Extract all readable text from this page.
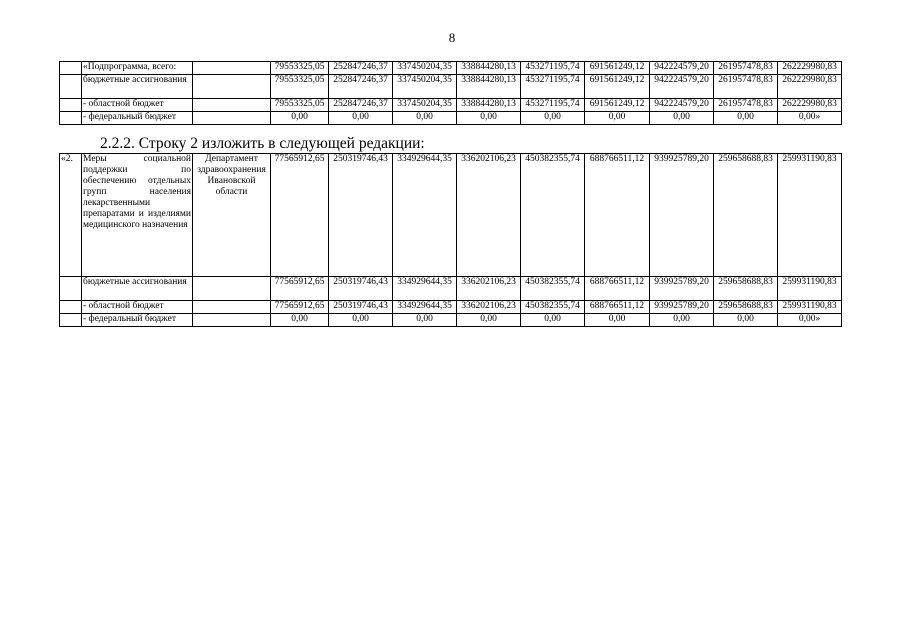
8
	«Подпрограмма, всего:		79553325,05	252847246,37	337450204,35	338844280,13	453271195,74	691561249,12	942224579,20	261957478,83	262229980,83
	бюджетные ассигнования		79553325,05	252847246,37	337450204,35	338844280,13	453271195,74	691561249,12	942224579,20	261957478,83	262229980,83
	- областной бюджет		79553325,05	252847246,37	337450204,35	338844280,13	453271195,74	691561249,12	942224579,20	261957478,83	262229980,83
	- федеральный бюджет		0,00	0,00	0,00	0,00	0,00	0,00	0,00	0,00	0,00»
2.2.2. Строку 2 изложить в следующей редакции:
«2.	Меры социальной поддержки по обеспечению отдельных групп населения лекарственными препаратами и изделиями медицинского назначения	Департамент здравоохранения Ивановской области	77565912,65	250319746,43	334929644,35	336202106,23	450382355,74	688766511,12	939925789,20	259658688,83	259931190,83
	бюджетные ассигнования		77565912,65	250319746,43	334929644,35	336202106,23	450382355,74	688766511,12	939925789,20	259658688,83	259931190,83
	- областной бюджет		77565912,65	250319746,43	334929644,35	336202106,23	450382355,74	688766511,12	939925789,20	259658688,83	259931190,83
	- федеральный бюджет		0,00	0,00	0,00	0,00	0,00	0,00	0,00	0,00	0,00»
